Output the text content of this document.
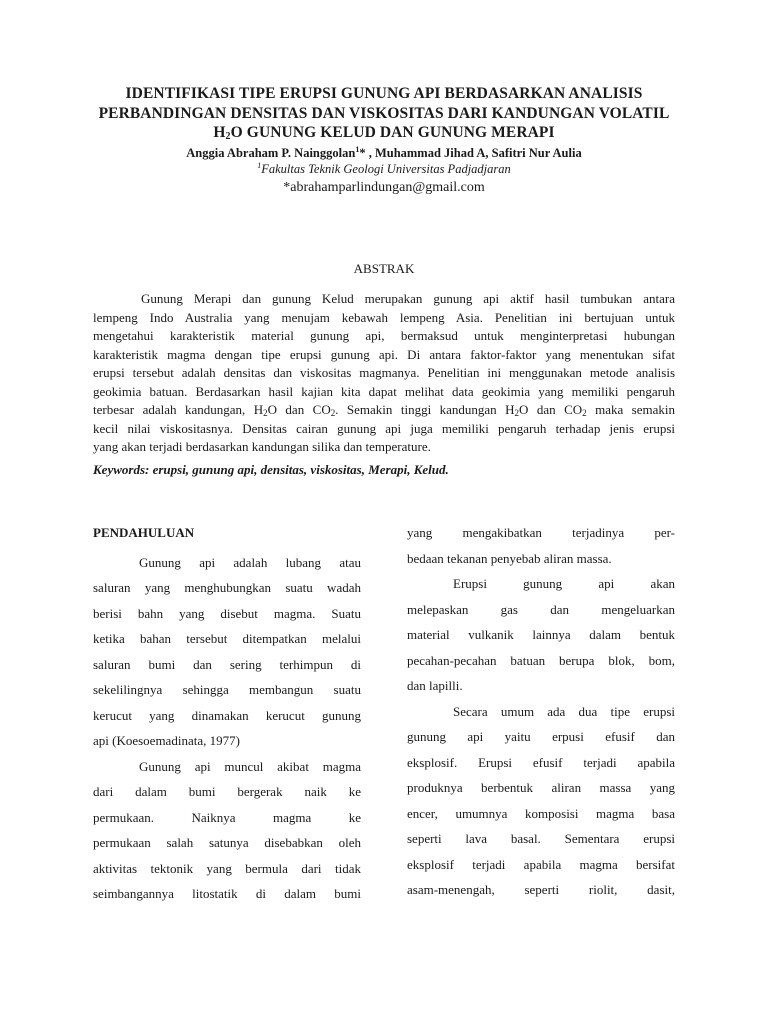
IDENTIFIKASI TIPE ERUPSI GUNUNG API BERDASARKAN ANALISIS
PERBANDINGAN DENSITAS DAN VISKOSITAS DARI KANDUNGAN VOLATIL
$H_2O$ GUNUNG KELUD DAN GUNUNG MERAPI
Anggia Abraham P. Nainggolan$^1$* , Muhammad Jihad A, Safitri Nur Aulia
$^1$Fakultas Teknik Geologi Universitas Padjadjaran
*abrahamparlindungan@gmail.com
ABSTRAK
Gunung Merapi dan gunung Kelud merupakan gunung api aktif hasil tumbukan antara
lempeng Indo Australia yang menujam kebawah lempeng Asia. Penelitian ini bertujuan untuk
mengetahui karakteristik material gunung api, bermaksud untuk menginterpretasi hubungan
karakteristik magma dengan tipe erupsi gunung api. Di antara faktor-faktor yang menentukan sifat
erupsi tersebut adalah densitas dan viskositas magmanya. Penelitian ini menggunakan metode analisis
geokimia batuan. Berdasarkan hasil kajian kita dapat melihat data geokimia yang memiliki pengaruh
terbesar adalah kandungan, $H_2O$ dan $CO_2$. Semakin tinggi kandungan $H_2O$ dan $CO_2$ maka semakin
kecil nilai viskositasnya. Densitas cairan gunung api juga memiliki pengaruh terhadap jenis erupsi
yang akan terjadi berdasarkan kandungan silika dan temperature.
Keywords: erupsi, gunung api, densitas, viskositas, Merapi, Kelud.
PENDAHULUAN
Gunung api adalah lubang atau
saluran yang menghubungkan suatu wadah
berisi bahn yang disebut magma. Suatu
ketika bahan tersebut ditempatkan melalui
saluran bumi dan sering terhimpun di
sekelilingnya sehingga membangun suatu
kerucut yang dinamakan kerucut gunung
api (Koesoemadinata, 1977)
Gunung api muncul akibat magma
dari dalam bumi bergerak naik ke
permukaan. Naiknya magma ke
permukaan salah satunya disebabkan oleh
aktivitas tektonik yang bermula dari tidak
seimbangannya litostatik di dalam bumi
yang mengakibatkan terjadinya per-
bedaan tekanan penyebab aliran massa.
Erupsi gunung api akan
melepaskan gas dan mengeluarkan
material vulkanik lainnya dalam bentuk
pecahan-pecahan batuan berupa blok, bom,
dan lapilli.
Secara umum ada dua tipe erupsi
gunung api yaitu erpusi efusif dan
eksplosif. Erupsi efusif terjadi apabila
produknya berbentuk aliran massa yang
encer, umumnya komposisi magma basa
seperti lava basal. Sementara erupsi
eksplosif terjadi apabila magma bersifat
asam-menengah, seperti riolit, dasit,
